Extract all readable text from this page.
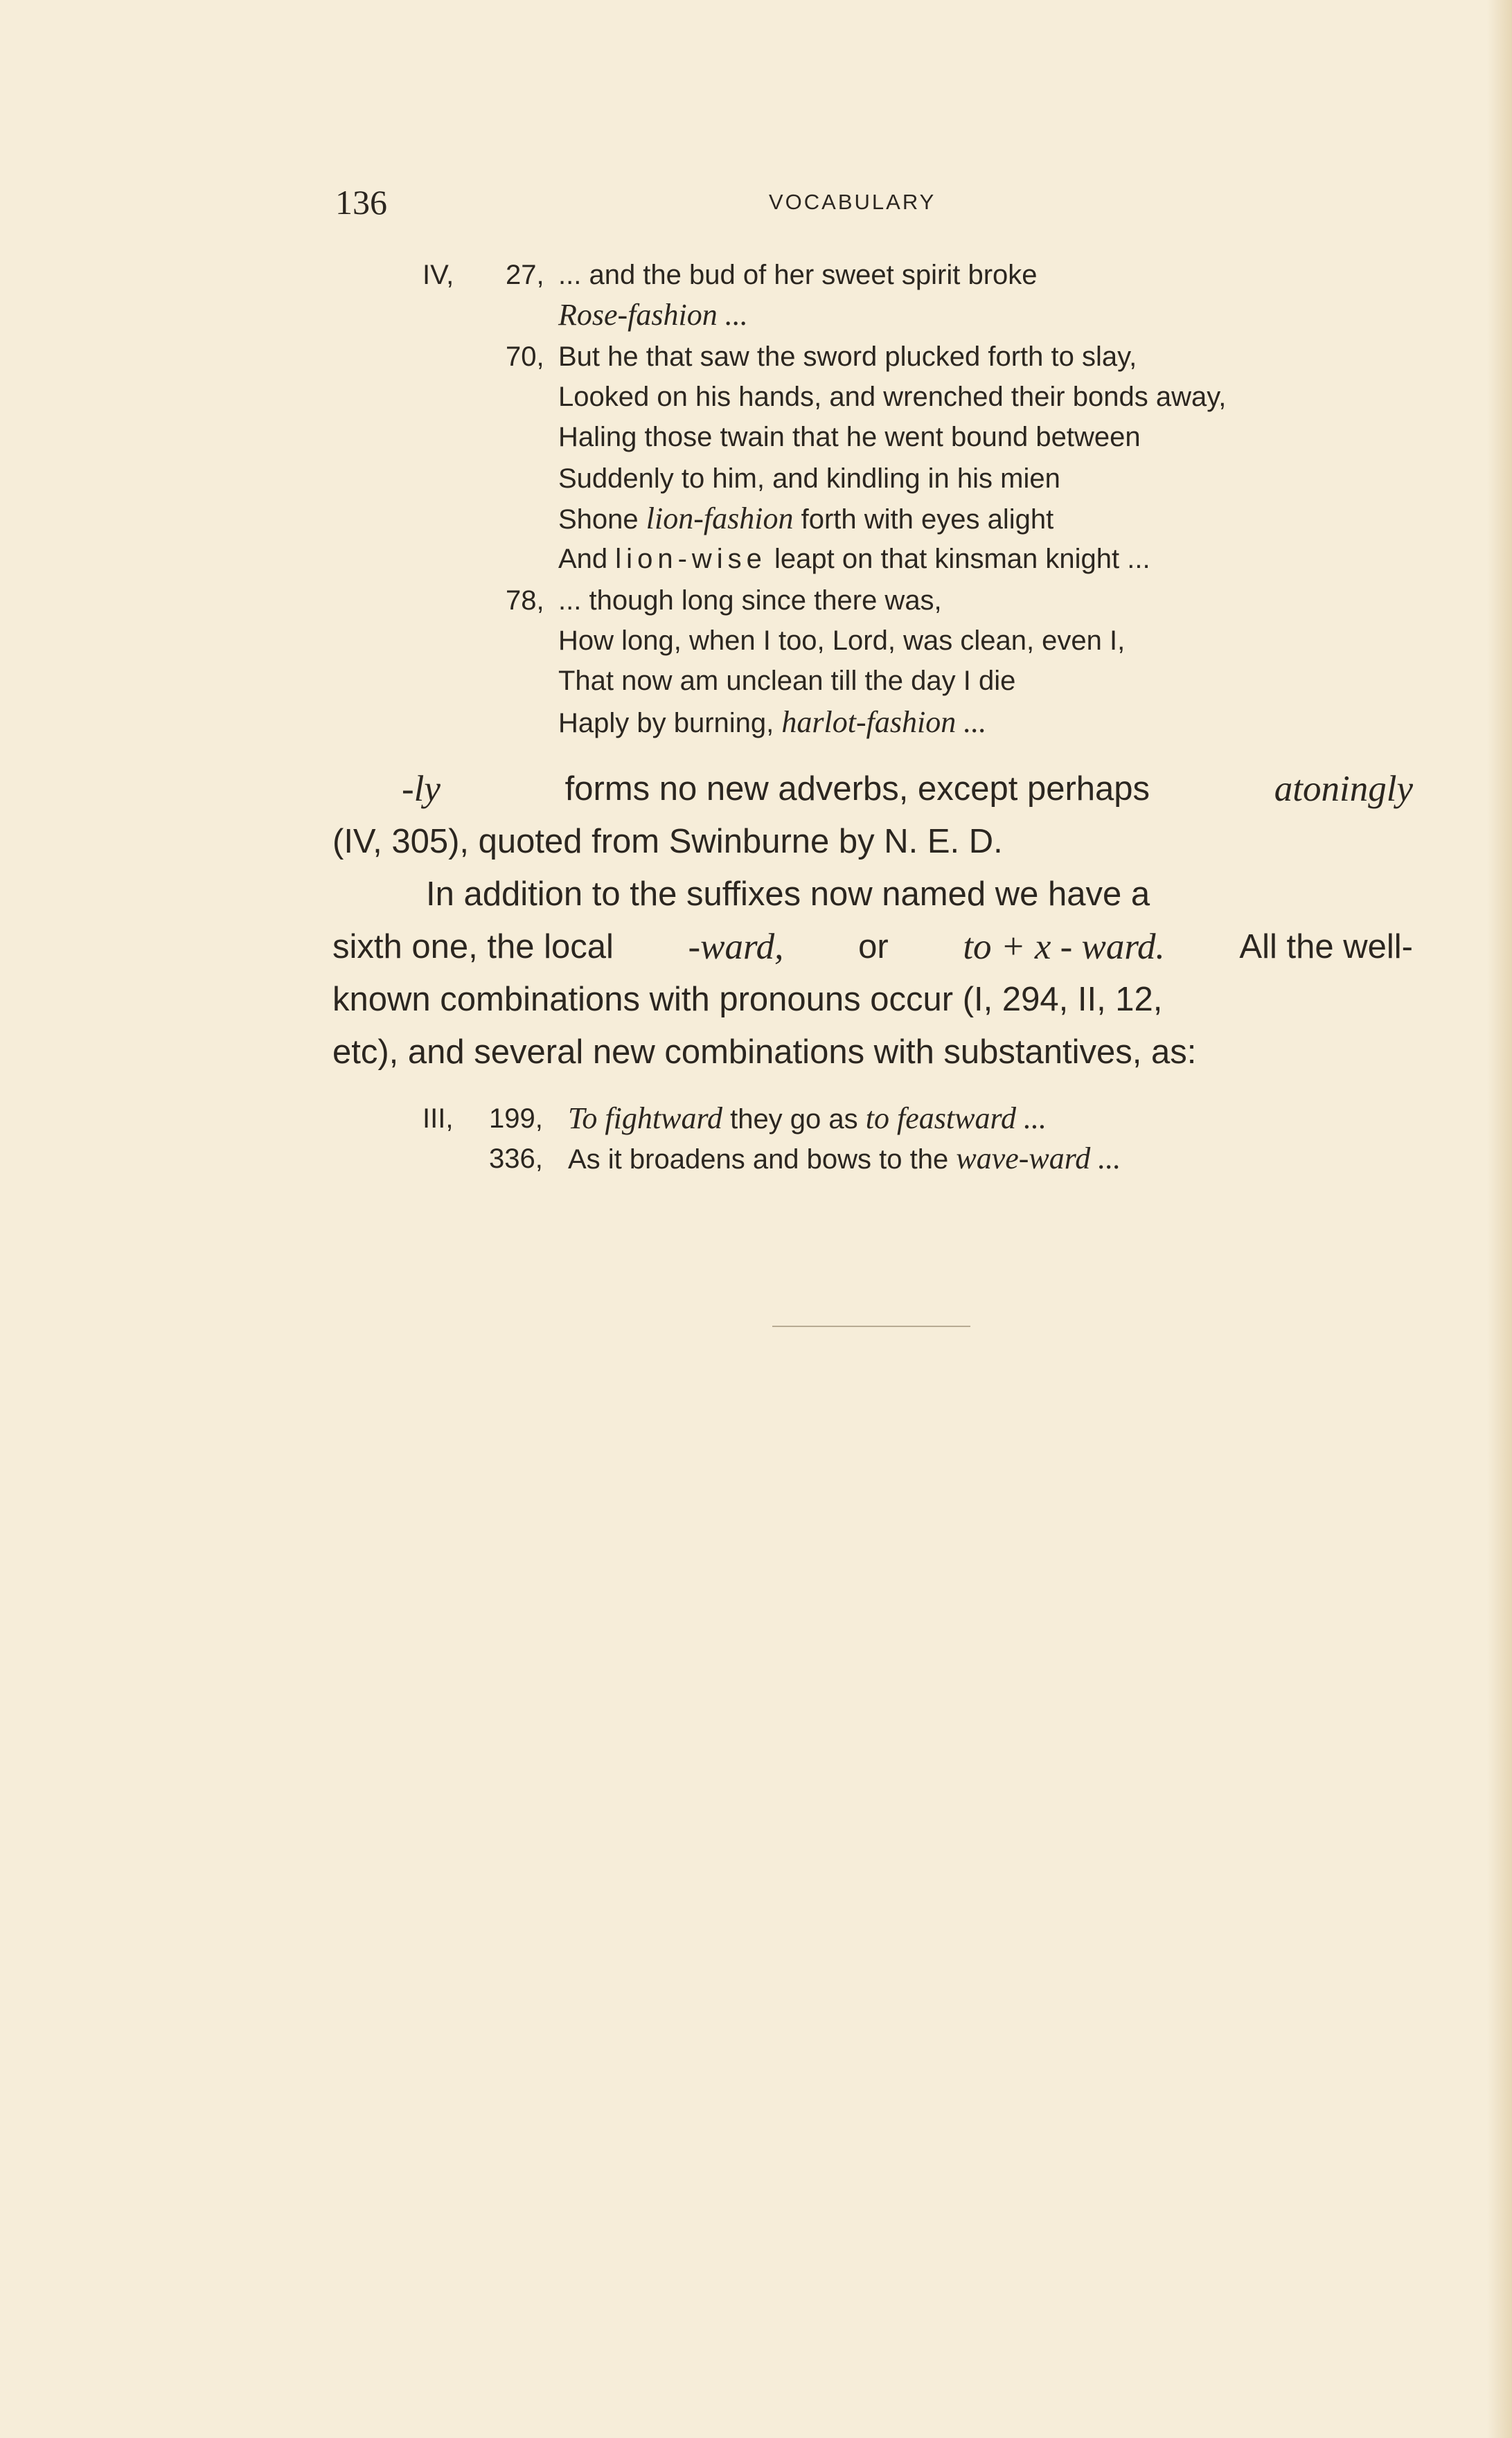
136	VOCABULARY
IV, 27, ... and the bud of her sweet spirit broke
Rose-fashion ...
70, But he that saw the sword plucked forth to slay,
Looked on his hands, and wrenched their bonds away,
Haling those twain that he went bound between
Suddenly to him, and kindling in his mien
Shone lion-fashion forth with eyes alight
And lion-wise leapt on that kinsman knight ...
78, ... though long since there was,
How long, when I too, Lord, was clean, even I,
That now am unclean till the day I die
Haply by burning, harlot-fashion ...
-ly	forms no new adverbs, except perhaps	atoningly
(IV, 305), quoted from Swinburne by N. E. D.
In addition to the suffixes now named we have a
sixth one, the local -ward, or to + x - ward. All the well-
known combinations with pronouns occur (I, 294, II, 12,
etc), and several new combinations with substantives, as:
III, 199, To fightward they go as to feastward ...
336, As it broadens and bows to the wave-ward ...
